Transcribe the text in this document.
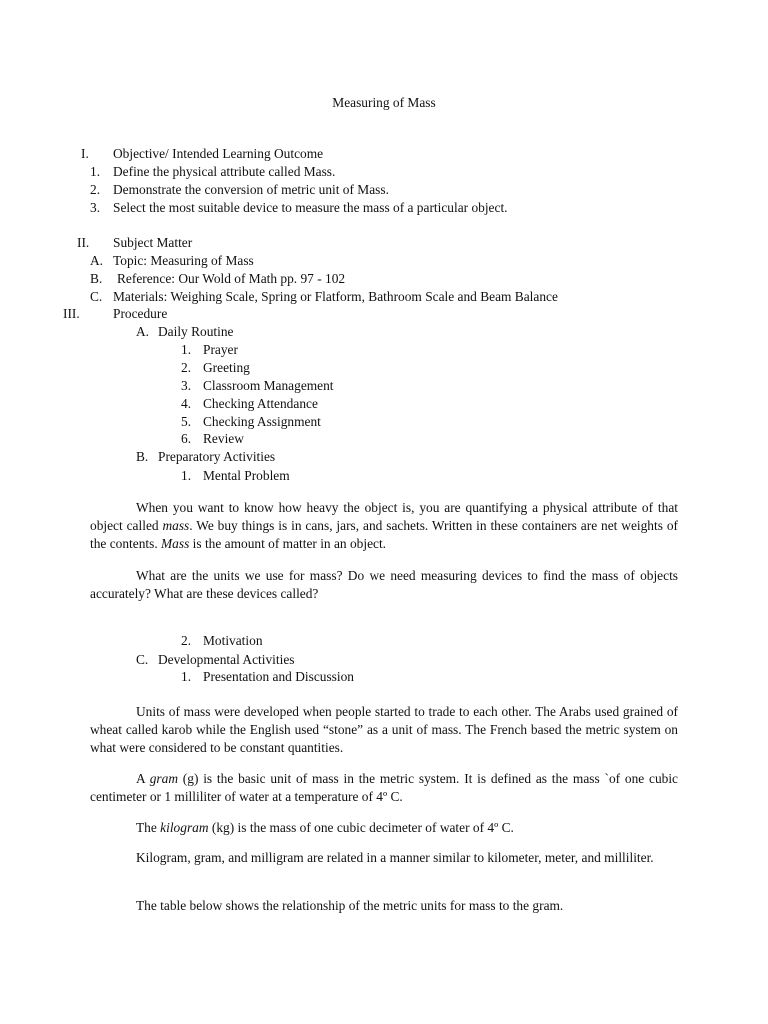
Measuring of Mass
I. Objective/ Intended Learning Outcome
1. Define the physical attribute called Mass.
2. Demonstrate the conversion of metric unit of Mass.
3. Select the most suitable device to measure the mass of a particular object.
II. Subject Matter
A. Topic: Measuring of Mass
B. Reference: Our Wold of Math pp. 97 - 102
C. Materials: Weighing Scale, Spring or Flatform, Bathroom Scale and Beam Balance
III. Procedure
A. Daily Routine
1. Prayer
2. Greeting
3. Classroom Management
4. Checking Attendance
5. Checking Assignment
6. Review
B. Preparatory Activities
1. Mental Problem

When you want to know how heavy the object is, you are quantifying a physical attribute of that object called mass. We buy things is in cans, jars, and sachets. Written in these containers are net weights of the contents. Mass is the amount of matter in an object.

What are the units we use for mass? Do we need measuring devices to find the mass of objects accurately? What are these devices called?

2. Motivation
C. Developmental Activities
1. Presentation and Discussion

Units of mass were developed when people started to trade to each other. The Arabs used grained of wheat called karob while the English used “stone” as a unit of mass. The French based the metric system on what were considered to be constant quantities.

A gram (g) is the basic unit of mass in the metric system. It is defined as the mass `of one cubic centimeter or 1 milliliter of water at a temperature of 4º C.

The kilogram (kg) is the mass of one cubic decimeter of water of 4º C.

Kilogram, gram, and milligram are related in a manner similar to kilometer, meter, and milliliter.

The table below shows the relationship of the metric units for mass to the gram.
